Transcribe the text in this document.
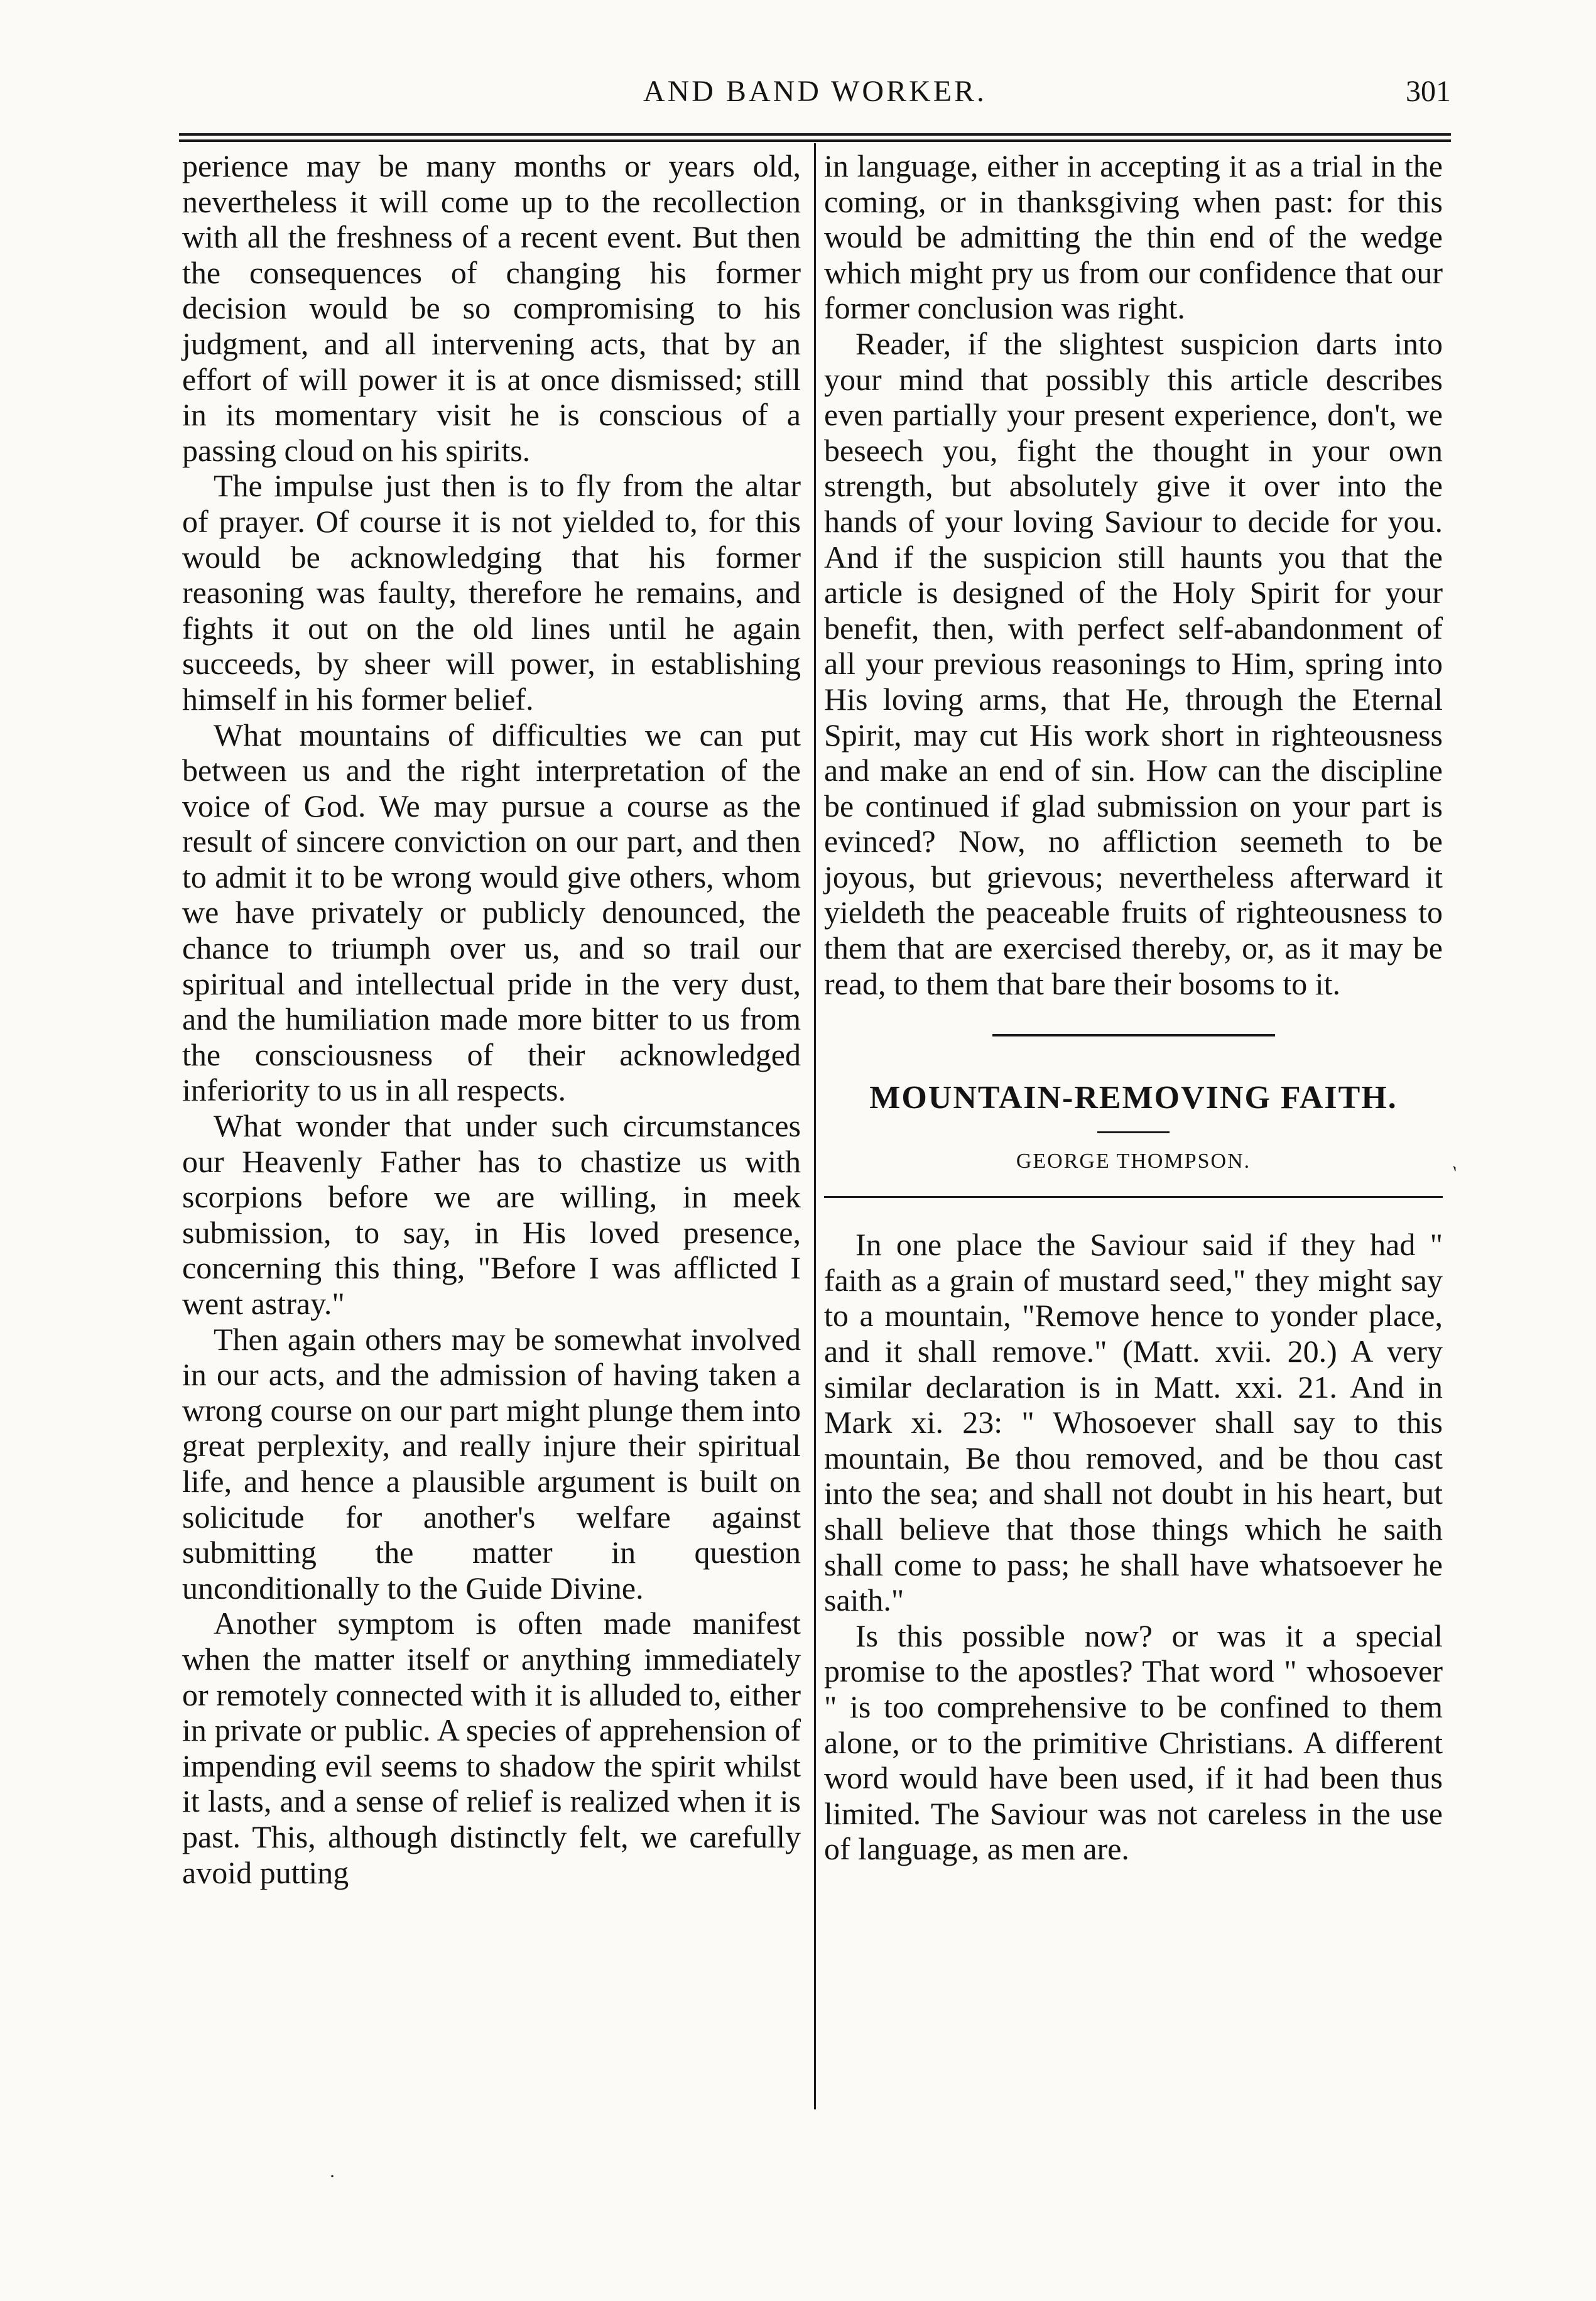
AND BAND WORKER.	301

perience may be many months or years old, nevertheless it will come up to the recollection with all the freshness of a recent event. But then the consequences of changing his former decision would be so compromising to his judgment, and all intervening acts, that by an effort of will power it is at once dismissed; still in its momentary visit he is conscious of a passing cloud on his spirits.

The impulse just then is to fly from the altar of prayer. Of course it is not yielded to, for this would be acknowledging that his former reasoning was faulty, therefore he remains, and fights it out on the old lines until he again succeeds, by sheer will power, in establishing himself in his former belief.

What mountains of difficulties we can put between us and the right interpretation of the voice of God. We may pursue a course as the result of sincere conviction on our part, and then to admit it to be wrong would give others, whom we have privately or publicly denounced, the chance to triumph over us, and so trail our spiritual and intellectual pride in the very dust, and the humiliation made more bitter to us from the consciousness of their acknowledged inferiority to us in all respects.

What wonder that under such circumstances our Heavenly Father has to chastize us with scorpions before we are willing, in meek submission, to say, in His loved presence, concerning this thing, "Before I was afflicted I went astray."

Then again others may be somewhat involved in our acts, and the admission of having taken a wrong course on our part might plunge them into great perplexity, and really injure their spiritual life, and hence a plausible argument is built on solicitude for another's welfare against submitting the matter in question unconditionally to the Guide Divine.

Another symptom is often made manifest when the matter itself or anything immediately or remotely connected with it is alluded to, either in private or public. A species of apprehension of impending evil seems to shadow the spirit whilst it lasts, and a sense of relief is realized when it is past. This, although distinctly felt, we carefully avoid putting

in language, either in accepting it as a trial in the coming, or in thanksgiving when past: for this would be admitting the thin end of the wedge which might pry us from our confidence that our former conclusion was right.

Reader, if the slightest suspicion darts into your mind that possibly this article describes even partially your present experience, don't, we beseech you, fight the thought in your own strength, but absolutely give it over into the hands of your loving Saviour to decide for you. And if the suspicion still haunts you that the article is designed of the Holy Spirit for your benefit, then, with perfect self-abandonment of all your previous reasonings to Him, spring into His loving arms, that He, through the Eternal Spirit, may cut His work short in righteousness and make an end of sin. How can the discipline be continued if glad submission on your part is evinced? Now, no affliction seemeth to be joyous, but grievous; nevertheless afterward it yieldeth the peaceable fruits of righteousness to them that are exercised thereby, or, as it may be read, to them that bare their bosoms to it.

MOUNTAIN-REMOVING FAITH.
GEORGE THOMPSON.

In one place the Saviour said if they had " faith as a grain of mustard seed," they might say to a mountain, "Remove hence to yonder place, and it shall remove." (Matt. xvii. 20.) A very similar declaration is in Matt. xxi. 21. And in Mark xi. 23: " Whosoever shall say to this mountain, Be thou removed, and be thou cast into the sea; and shall not doubt in his heart, but shall believe that those things which he saith shall come to pass; he shall have whatsoever he saith."

Is this possible now? or was it a special promise to the apostles? That word " whosoever " is too comprehensive to be confined to them alone, or to the primitive Christians. A different word would have been used, if it had been thus limited. The Saviour was not careless in the use of language, as men are.

ˋ
·
